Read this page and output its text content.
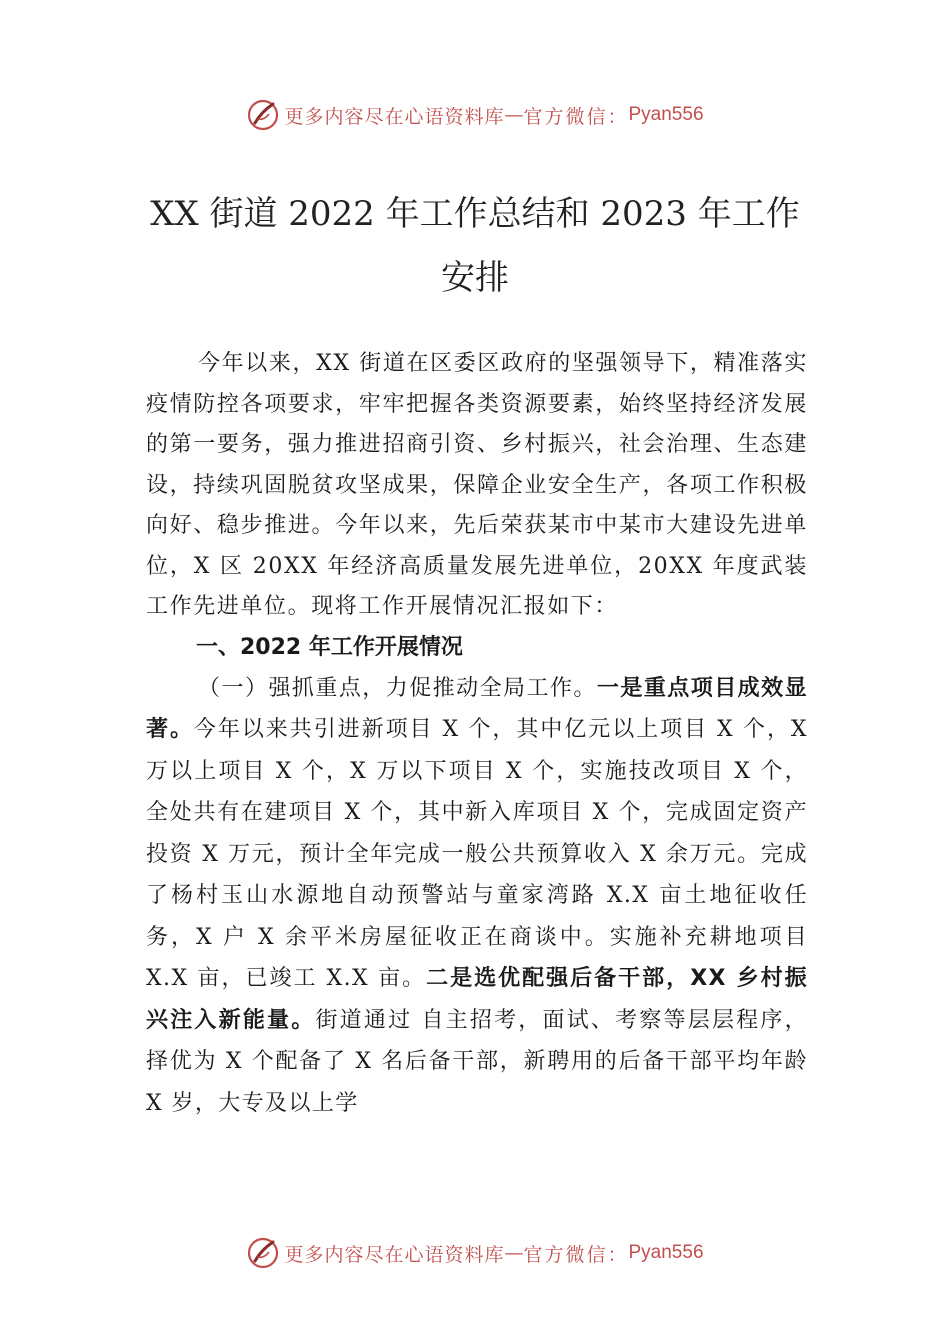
更多内容尽在心语资料库 — 官方微信： Pyan556
XX 街道 2022 年工作总结和 2023 年工作
安排

今年以来，XX 街道在区委区政府的坚强领导下，精准落实疫情防控各项要求，牢牢把握各类资源要素，始终坚持经济发展的第一要务，强力推进招商引资、乡村振兴，社会治理、生态建设，持续巩固脱贫攻坚成果，保障企业安全生产，各项工作积极向好、稳步推进。今年以来，先后荣获某市中某市大建设先进单位，X 区 20XX 年经济高质量发展先进单位，20XX 年度武装工作先进单位。现将工作开展情况汇报如下：

一、2022 年工作开展情况

（一）强抓重点，力促推动全局工作。一是重点项目成效显著。今年以来共引进新项目 X 个，其中亿元以上项目 X 个，X 万以上项目 X 个，X 万以下项目 X 个，实施技改项目 X 个，全处共有在建项目 X 个，其中新入库项目 X 个，完成固定资产投资 X 万元，预计全年完成一般公共预算收入 X 余万元。完成了杨村玉山水源地自动预警站与童家湾路 X.X 亩土地征收任务，X 户 X 余平米房屋征收正在商谈中。实施补充耕地项目 X.X 亩，已竣工 X.X 亩。二是选优配强后备干部，XX 乡村振兴注入新能量。街道通过 自主招考，面试、考察等层层程序，择优为 X 个配备了 X 名后备干部，新聘用的后备干部平均年龄 X 岁，大专及以上学

更多内容尽在心语资料库 — 官方微信： Pyan556
